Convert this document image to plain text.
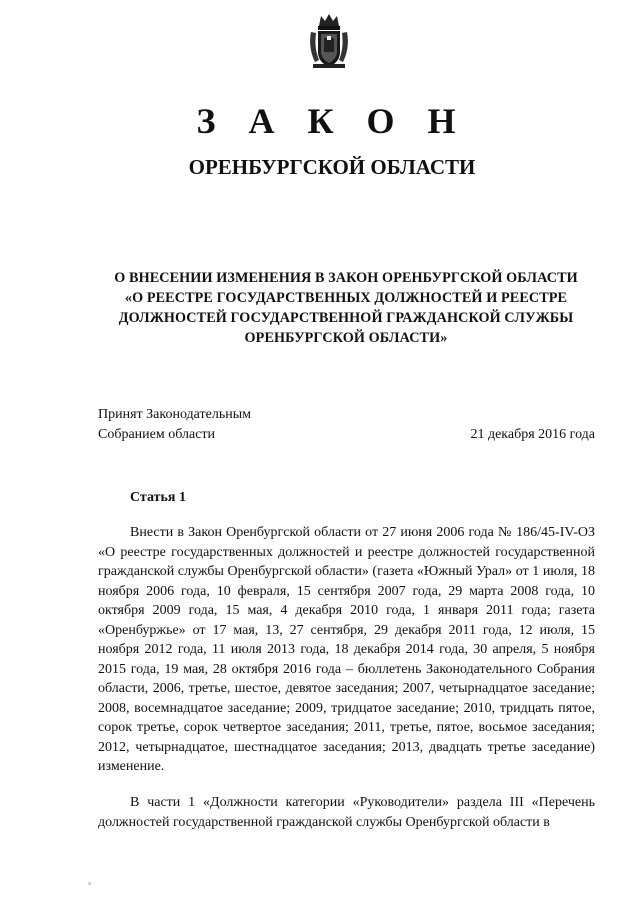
З А К О Н
ОРЕНБУРГСКОЙ ОБЛАСТИ
О ВНЕСЕНИИ ИЗМЕНЕНИЯ В ЗАКОН ОРЕНБУРГСКОЙ ОБЛАСТИ
«О РЕЕСТРЕ ГОСУДАРСТВЕННЫХ ДОЛЖНОСТЕЙ И РЕЕСТРЕ
ДОЛЖНОСТЕЙ ГОСУДАРСТВЕННОЙ ГРАЖДАНСКОЙ СЛУЖБЫ
ОРЕНБУРГСКОЙ ОБЛАСТИ»
Принят Законодательным
Собранием области	21 декабря 2016 года
Статья 1
Внести в Закон Оренбургской области от 27 июня 2006 года № 186/45-IV-ОЗ «О реестре государственных должностей и реестре должностей государственной гражданской службы Оренбургской области» (газета «Южный Урал» от 1 июля, 18 ноября 2006 года, 10 февраля, 15 сентября 2007 года, 29 марта 2008 года, 10 октября 2009 года, 15 мая, 4 декабря 2010 года, 1 января 2011 года; газета «Оренбуржье» от 17 мая, 13, 27 сентября, 29 декабря 2011 года, 12 июля, 15 ноября 2012 года, 11 июля 2013 года, 18 декабря 2014 года, 30 апреля, 5 ноября 2015 года, 19 мая, 28 октября 2016 года – бюллетень Законодательного Собрания области, 2006, третье, шестое, девятое заседания; 2007, четырнадцатое заседание; 2008, восемнадцатое заседание; 2009, тридцатое заседание; 2010, тридцать пятое, сорок третье, сорок четвертое заседания; 2011, третье, пятое, восьмое заседания; 2012, четырнадцатое, шестнадцатое заседания; 2013, двадцать третье заседание) изменение.
В части 1 «Должности категории «Руководители» раздела III «Перечень должностей государственной гражданской службы Оренбургской области в
